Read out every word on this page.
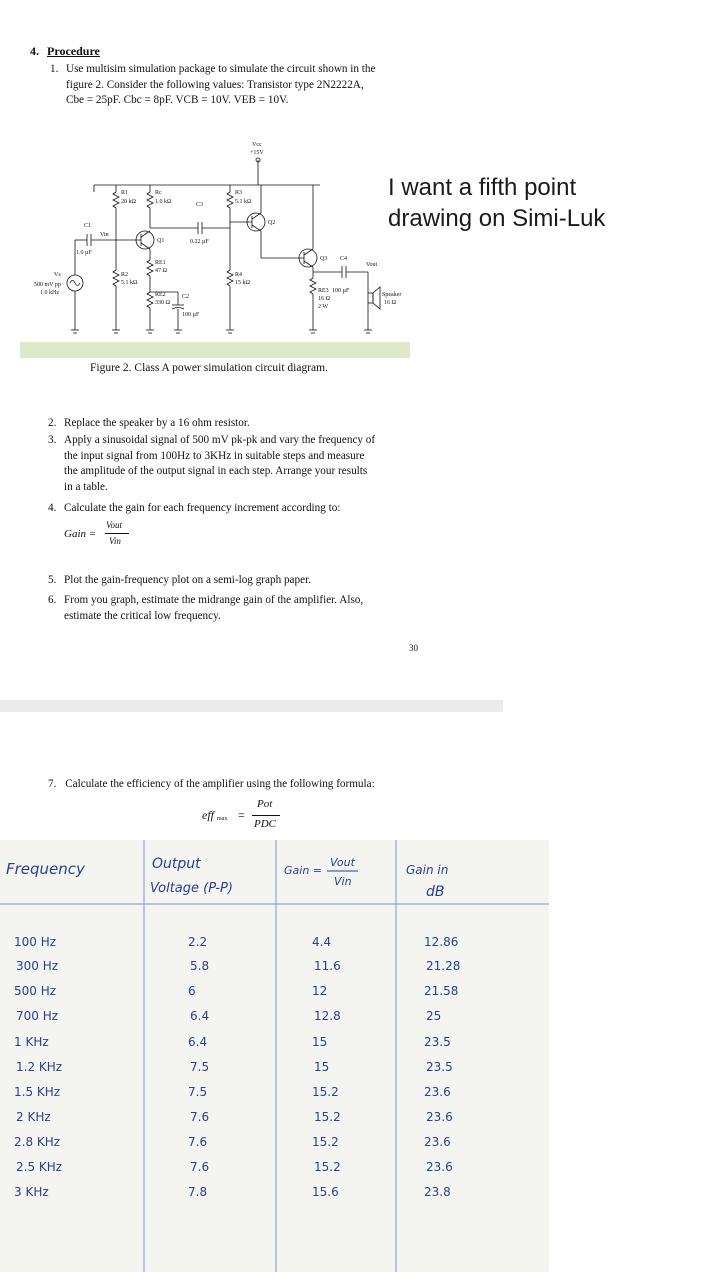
4. Procedure
1. Use multisim simulation package to simulate the circuit shown in the
figure 2. Consider the following values: Transistor type 2N2222A,
Cbe = 25pF. Cbc = 8pF. VCB = 10V. VEB = 10V.
I want a fifth point
drawing on Simi-Luk
Vcc
+15V
R1
20 kΩ
Rc
1.0 kΩ	C3
0.22 µF
R3
5.1 kΩ
Q1
Q2
Q3
C1
1.0 µF
Vin
Vs
500 mV pp
1.0 kHz
R2
5.1 kΩ
RE1
47 Ω
RE2
330 Ω
C2
100 µF
R4
15 kΩ
RE3
16 Ω
2 W
C4
100 µF
Vout
Speaker
16 Ω
Figure 2. Class A power simulation circuit diagram.
2. Replace the speaker by a 16 ohm resistor.
3. Apply a sinusoidal signal of 500 mV pk-pk and vary the frequency of
the input signal from 100Hz to 3KHz in suitable steps and measure
the amplitude of the output signal in each step. Arrange your results
in a table.
4. Calculate the gain for each frequency increment according to:
Gain =
Vout
Vin
5. Plot the gain-frequency plot on a semi-log graph paper.
6. From you graph, estimate the midrange gain of the amplifier. Also,
estimate the critical low frequency.
30
7. Calculate the efficiency of the amplifier using the following formula:
eff max =
Pot
PDC
Frequency	Output
Voltage (P-P)
Gain =
Vout
Vin
Gain in
dB
100 Hz	2.2	4.4	12.86
300 Hz	5.8	11.6	21.28
500 Hz	6	12	21.58
700 Hz	6.4	12.8	25
1 KHz	6.4	15	23.5
1.2 KHz	7.5	15	23.5
1.5 KHz	7.5	15.2	23.6
2 KHz	7.6	15.2	23.6
2.8 KHz	7.6	15.2	23.6
2.5 KHz	7.6	15.2	23.6
3 KHz	7.8	15.6	23.8
